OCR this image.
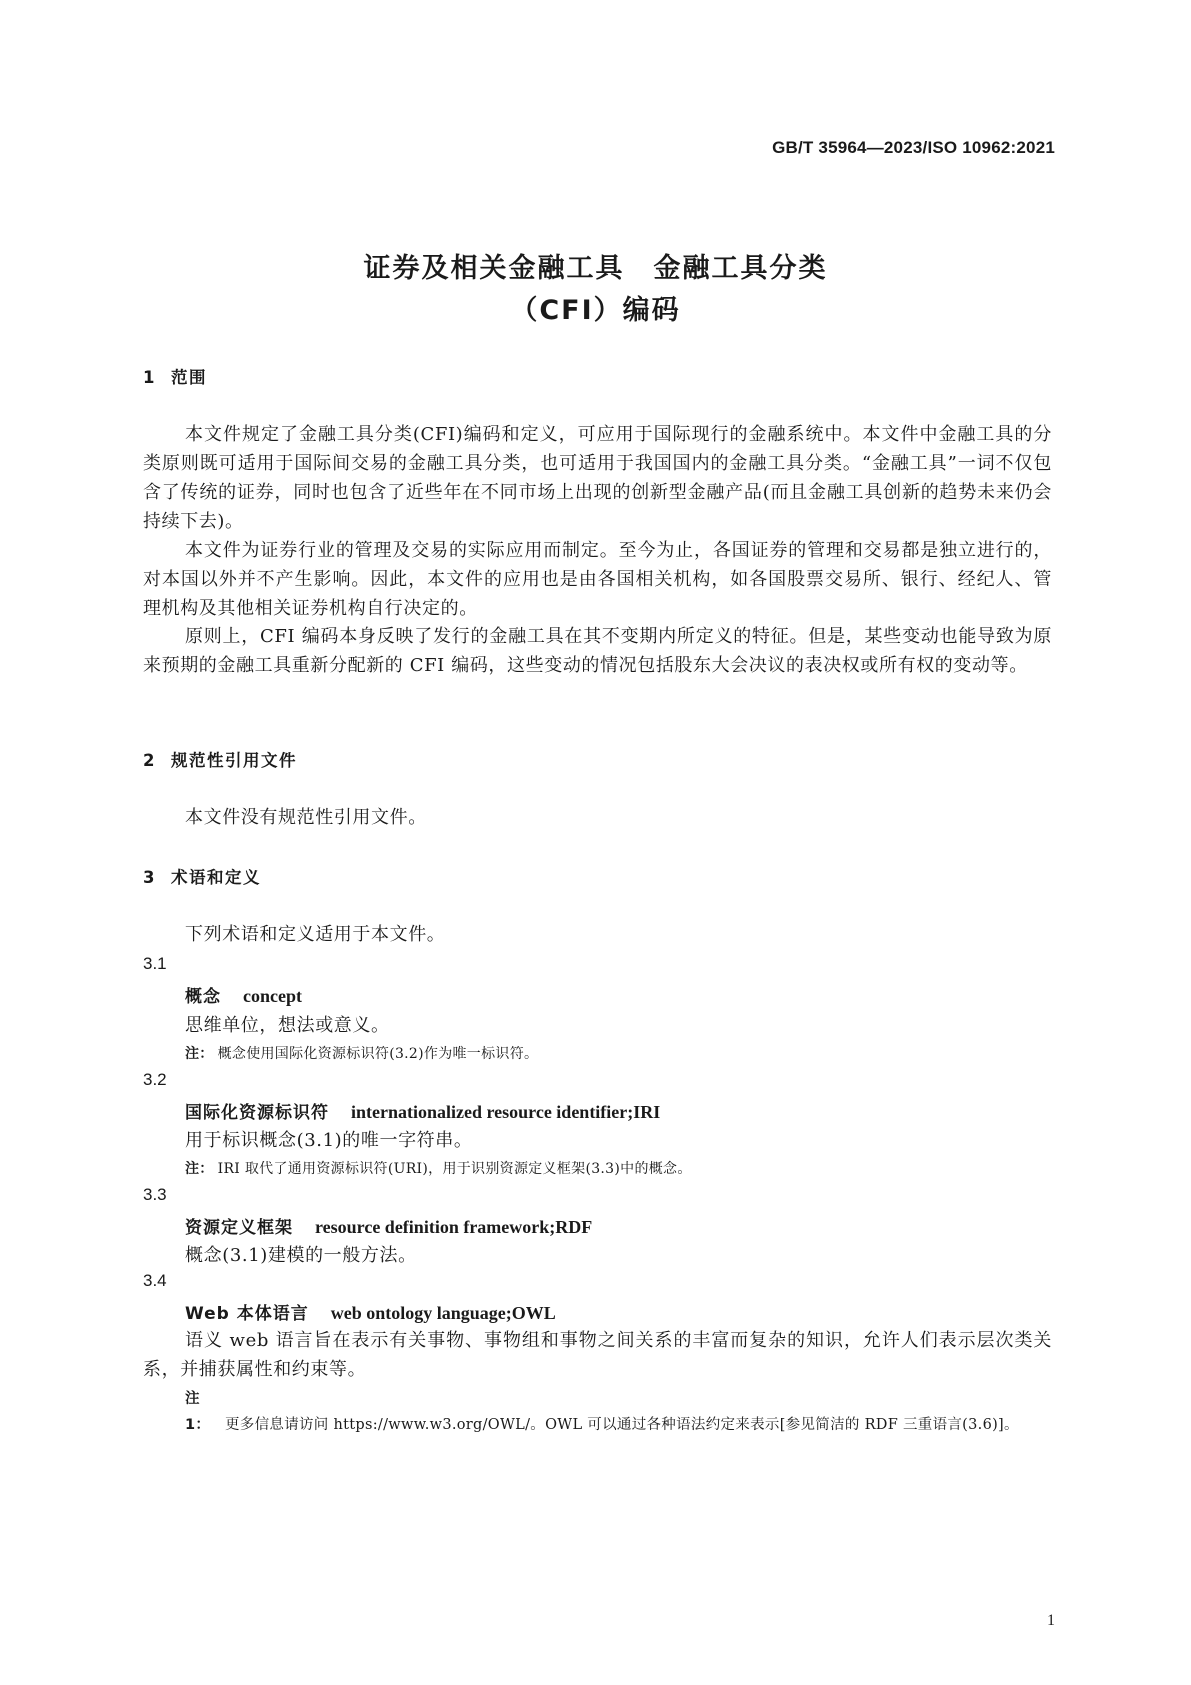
GB/T 35964—2023/ISO 10962:2021
证券及相关金融工具　金融工具分类
（CFI）编码
1 范围
本文件规定了金融工具分类(CFI)编码和定义，可应用于国际现行的金融系统中。本文件中金融工具的分类原则既可适用于国际间交易的金融工具分类，也可适用于我国国内的金融工具分类。“金融工具”一词不仅包含了传统的证券，同时也包含了近些年在不同市场上出现的创新型金融产品(而且金融工具创新的趋势未来仍会持续下去)。
本文件为证券行业的管理及交易的实际应用而制定。至今为止，各国证券的管理和交易都是独立进行的，对本国以外并不产生影响。因此，本文件的应用也是由各国相关机构，如各国股票交易所、银行、经纪人、管理机构及其他相关证券机构自行决定的。
原则上，CFI 编码本身反映了发行的金融工具在其不变期内所定义的特征。但是，某些变动也能导致为原来预期的金融工具重新分配新的 CFI 编码，这些变动的情况包括股东大会决议的表决权或所有权的变动等。
2 规范性引用文件
本文件没有规范性引用文件。
3 术语和定义
下列术语和定义适用于本文件。
3.1
概念 concept
思维单位，想法或意义。
注： 概念使用国际化资源标识符(3.2)作为唯一标识符。
3.2
国际化资源标识符 internationalized resource identifier;IRI
用于标识概念(3.1)的唯一字符串。
注： IRI 取代了通用资源标识符(URI)，用于识别资源定义框架(3.3)中的概念。
3.3
资源定义框架 resource definition framework;RDF
概念(3.1)建模的一般方法。
3.4
Web 本体语言 web ontology language;OWL
语义 web 语言旨在表示有关事物、事物组和事物之间关系的丰富而复杂的知识，允许人们表示层次类关系，并捕获属性和约束等。
注 1： 更多信息请访问 https://www.w3.org/OWL/。OWL 可以通过各种语法约定来表示[参见简洁的 RDF 三重语言(3.6)]。
1
